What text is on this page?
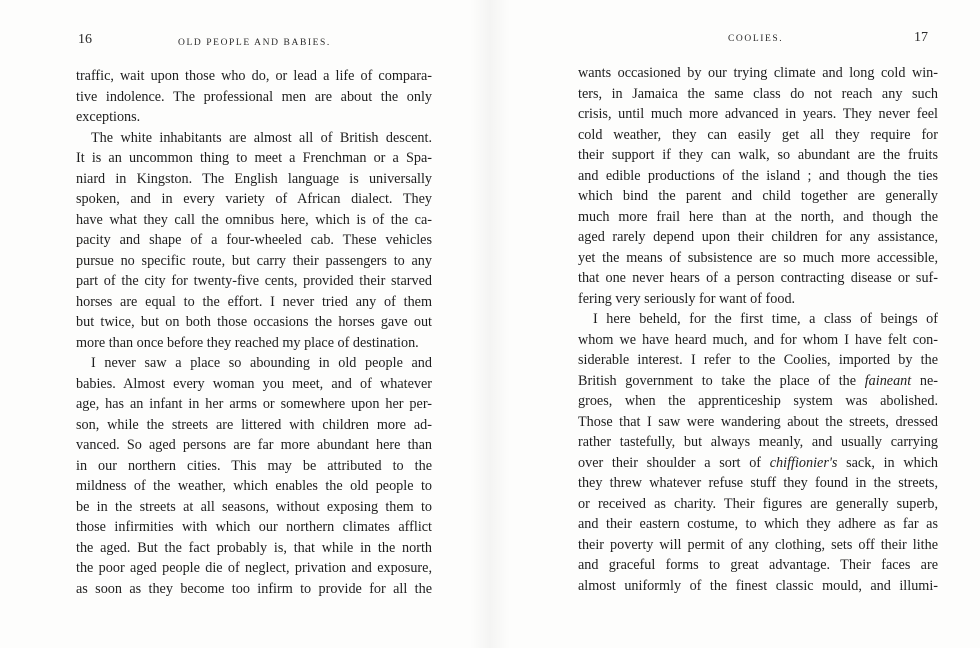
16	OLD PEOPLE AND BABIES.
traffic, wait upon those who do, or lead a life of compara-
tive indolence. The professional men are about the only
exceptions.
The white inhabitants are almost all of British descent.
It is an uncommon thing to meet a Frenchman or a Spa-
niard in Kingston. The English language is universally
spoken, and in every variety of African dialect. They
have what they call the omnibus here, which is of the ca-
pacity and shape of a four-wheeled cab. These vehicles
pursue no specific route, but carry their passengers to any
part of the city for twenty-five cents, provided their starved
horses are equal to the effort. I never tried any of them
but twice, but on both those occasions the horses gave out
more than once before they reached my place of destination.
I never saw a place so abounding in old people and
babies. Almost every woman you meet, and of whatever
age, has an infant in her arms or somewhere upon her per-
son, while the streets are littered with children more ad-
vanced. So aged persons are far more abundant here than
in our northern cities. This may be attributed to the
mildness of the weather, which enables the old people to
be in the streets at all seasons, without exposing them to
those infirmities with which our northern climates afflict
the aged. But the fact probably is, that while in the north
the poor aged people die of neglect, privation and exposure,
as soon as they become too infirm to provide for all the
17
COOLIES.
wants occasioned by our trying climate and long cold win-
ters, in Jamaica the same class do not reach any such
crisis, until much more advanced in years. They never feel
cold weather, they can easily get all they require for
their support if they can walk, so abundant are the fruits
and edible productions of the island ; and though the ties
which bind the parent and child together are generally
much more frail here than at the north, and though the
aged rarely depend upon their children for any assistance,
yet the means of subsistence are so much more accessible,
that one never hears of a person contracting disease or suf-
fering very seriously for want of food.
I here beheld, for the first time, a class of beings of
whom we have heard much, and for whom I have felt con-
siderable interest. I refer to the Coolies, imported by the
British government to take the place of the faineant ne-
groes, when the apprenticeship system was abolished.
Those that I saw were wandering about the streets, dressed
rather tastefully, but always meanly, and usually carrying
over their shoulder a sort of chiffionier's sack, in which
they threw whatever refuse stuff they found in the streets,
or received as charity. Their figures are generally superb,
and their eastern costume, to which they adhere as far as
their poverty will permit of any clothing, sets off their lithe
and graceful forms to great advantage. Their faces are
almost uniformly of the finest classic mould, and illumi-
